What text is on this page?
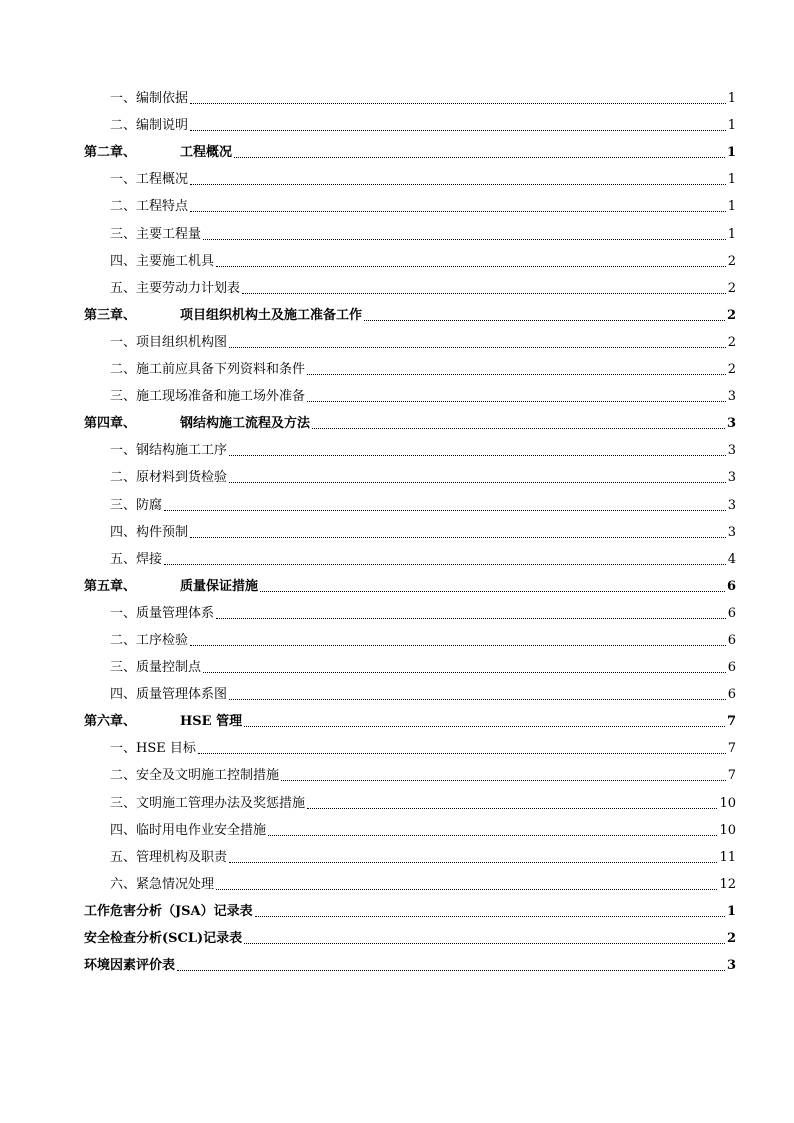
一、编制依据	1
二、编制说明	1
第二章、	工程概况	1
一、工程概况	1
二、工程特点	1
三、主要工程量	1
四、主要施工机具	2
五、主要劳动力计划表	2
第三章、	项目组织机构土及施工准备工作	2
一、项目组织机构图	2
二、施工前应具备下列资料和条件	2
三、施工现场准备和施工场外准备	3
第四章、	钢结构施工流程及方法	3
一、钢结构施工工序	3
二、原材料到货检验	3
三、防腐	3
四、构件预制	3
五、焊接	4
第五章、	质量保证措施	6
一、质量管理体系	6
二、工序检验	6
三、质量控制点	6
四、质量管理体系图	6
第六章、	HSE 管理	7
一、HSE 目标	7
二、安全及文明施工控制措施	7
三、文明施工管理办法及奖惩措施	10
四、临时用电作业安全措施	10
五、管理机构及职责	11
六、紧急情况处理	12
工作危害分析（JSA）记录表	1
安全检查分析(SCL)记录表	2
环境因素评价表	3
